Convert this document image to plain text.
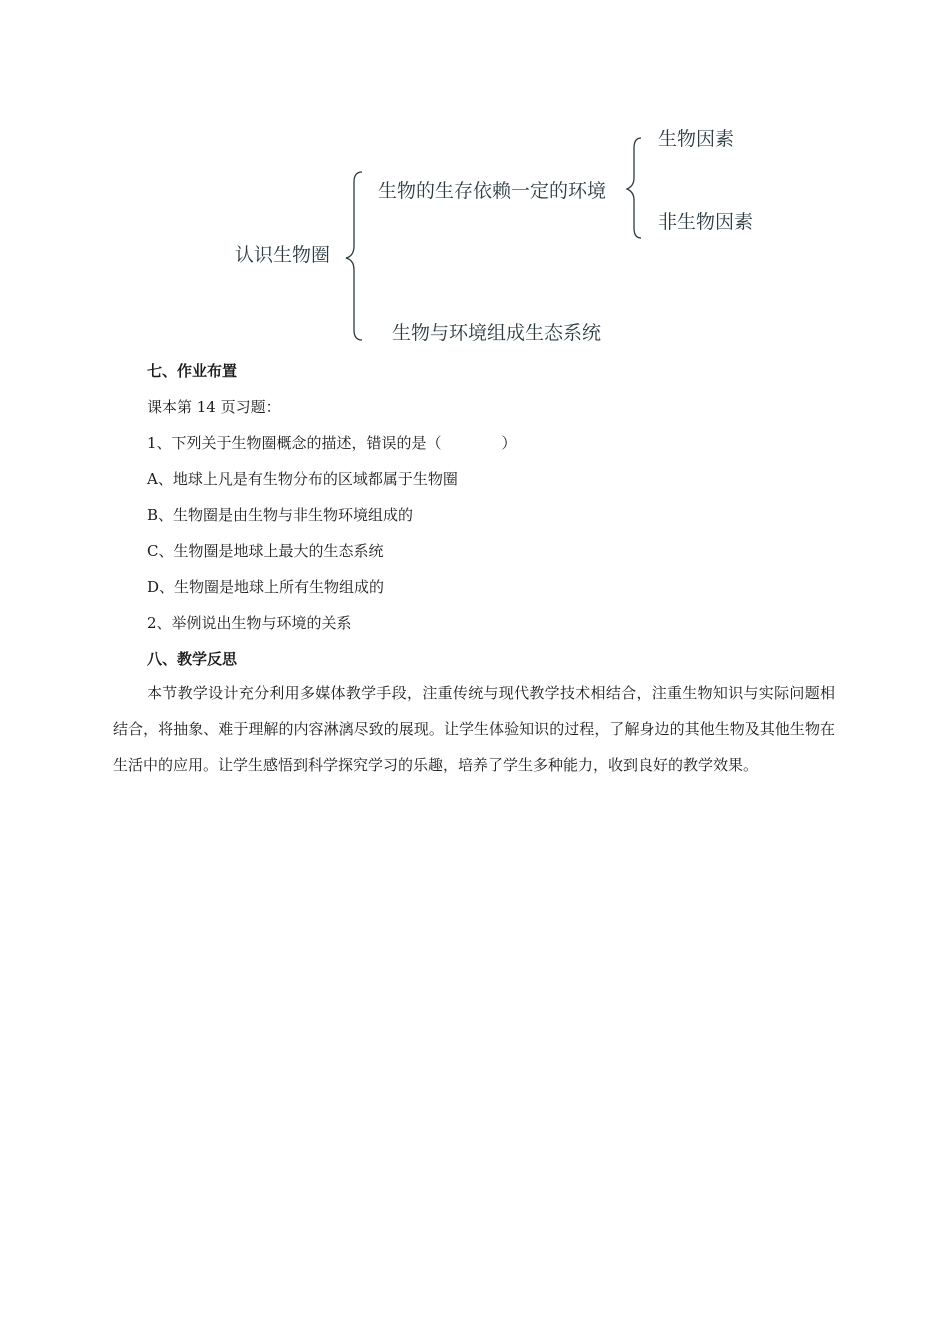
认识生物圈
生物的生存依赖一定的环境
生物因素
非生物因素
生物与环境组成生态系统
七、作业布置
课本第 14 页习题：
1、下列关于生物圈概念的描述，错误的是（　　　　）
A、地球上凡是有生物分布的区域都属于生物圈
B、生物圈是由生物与非生物环境组成的
C、生物圈是地球上最大的生态系统
D、生物圈是地球上所有生物组成的
2、举例说出生物与环境的关系
八、教学反思
本节教学设计充分利用多媒体教学手段，注重传统与现代教学技术相结合，注重生物知识与实际问题相结合，将抽象、难于理解的内容淋漓尽致的展现。让学生体验知识的过程，了解身边的其他生物及其他生物在生活中的应用。让学生感悟到科学探究学习的乐趣，培养了学生多种能力，收到良好的教学效果。
